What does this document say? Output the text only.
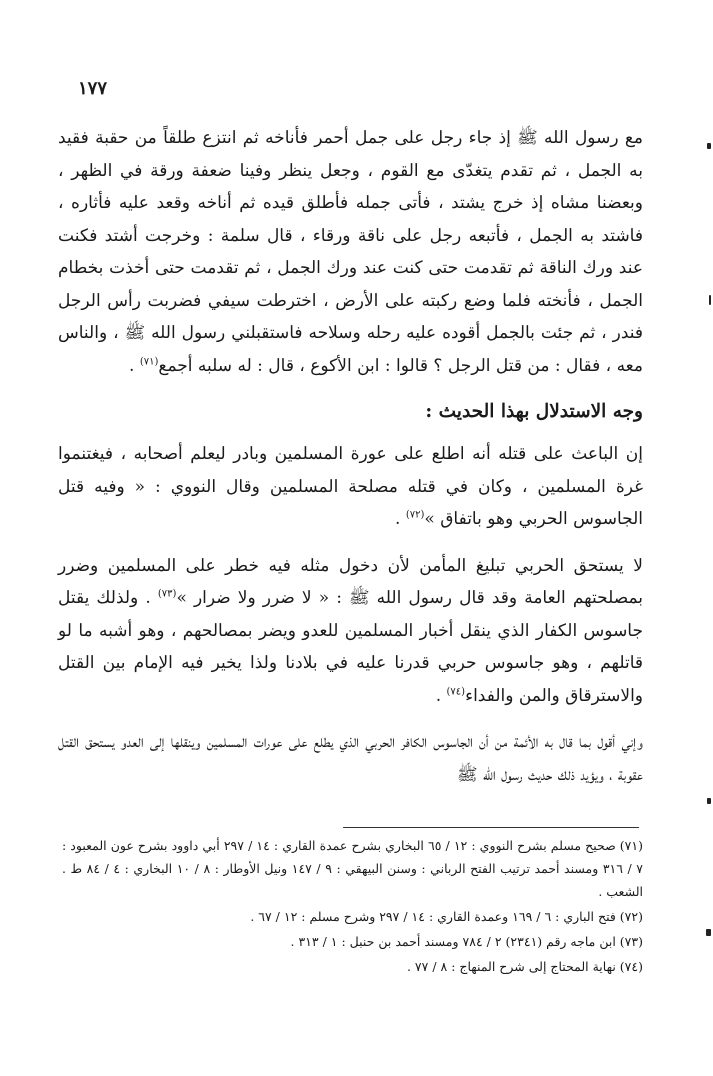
١٧٧

مع رسول الله ﷺ إذ جاء رجل على جمل أحمر فأناخه ثم انتزع طلقاً من حقبة فقيد به الجمل ، ثم تقدم يتغدّى مع القوم ، وجعل ينظر وفينا ضعفة ورقة في الظهر ، وبعضنا مشاه إذ خرج يشتد ، فأتى جمله فأطلق قيده ثم أناخه وقعد عليه فأثاره ، فاشتد به الجمل ، فأتبعه رجل على ناقة ورقاء ، قال سلمة : وخرجت أشتد فكنت عند ورك الناقة ثم تقدمت حتى كنت عند ورك الجمل ، ثم تقدمت حتى أخذت بخطام الجمل ، فأنخته فلما وضع ركبته على الأرض ، اخترطت سيفي فضربت رأس الرجل فندر ، ثم جئت بالجمل أقوده عليه رحله وسلاحه فاستقبلني رسول الله ﷺ ، والناس معه ، فقال : من قتل الرجل ؟ قالوا : ابن الأكوع ، قال : له سلبه أجمع$^{(٧١)}$ .

وجه الاستدلال بهذا الحديث :

إن الباعث على قتله أنه اطلع على عورة المسلمين وبادر ليعلم أصحابه ، فيغتنموا غرة المسلمين ، وكان في قتله مصلحة المسلمين وقال النووي : « وفيه قتل الجاسوس الحربي وهو باتفاق »$^{(٧٢)}$ .

لا يستحق الحربي تبليغ المأمن لأن دخول مثله فيه خطر على المسلمين وضرر بمصلحتهم العامة وقد قال رسول الله ﷺ : « لا ضرر ولا ضرار »$^{(٧٣)}$ . ولذلك يقتل جاسوس الكفار الذي ينقل أخبار المسلمين للعدو ويضر بمصالحهم ، وهو أشبه ما لو قاتلهم ، وهو جاسوس حربي قدرنا عليه في بلادنا ولذا يخير فيه الإمام بين القتل والاسترقاق والمن والفداء$^{(٧٤)}$ .

وإني أقول بما قال به الأئمة من أن الجاسوس الكافر الحربي الذي يطلع على عورات المسلمين وينقلها إلى العدو يستحق القتل عقوبة ، ويؤيد ذلك حديث رسول الله ﷺ

(٧١) صحيح مسلم بشرح النووي : ١٢ / ٦٥ البخاري بشرح عمدة القاري : ١٤ / ٢٩٧ أبي داوود بشرح عون المعبود : ٧ / ٣١٦ ومسند أحمد ترتيب الفتح الرباني : وسنن البيهقي : ٩ / ١٤٧ ونيل الأوطار : ٨ / ١٠ البخاري : ٤ / ٨٤ ط . الشعب .

(٧٢) فتح الباري : ٦ / ١٦٩ وعمدة القاري : ١٤ / ٢٩٧ وشرح مسلم : ١٢ / ٦٧ .

(٧٣) ابن ماجه رقم (٢٣٤١) ٢ / ٧٨٤ ومسند أحمد بن حنبل : ١ / ٣١٣ .

(٧٤) نهاية المحتاج إلى شرح المنهاج : ٨ / ٧٧ .
